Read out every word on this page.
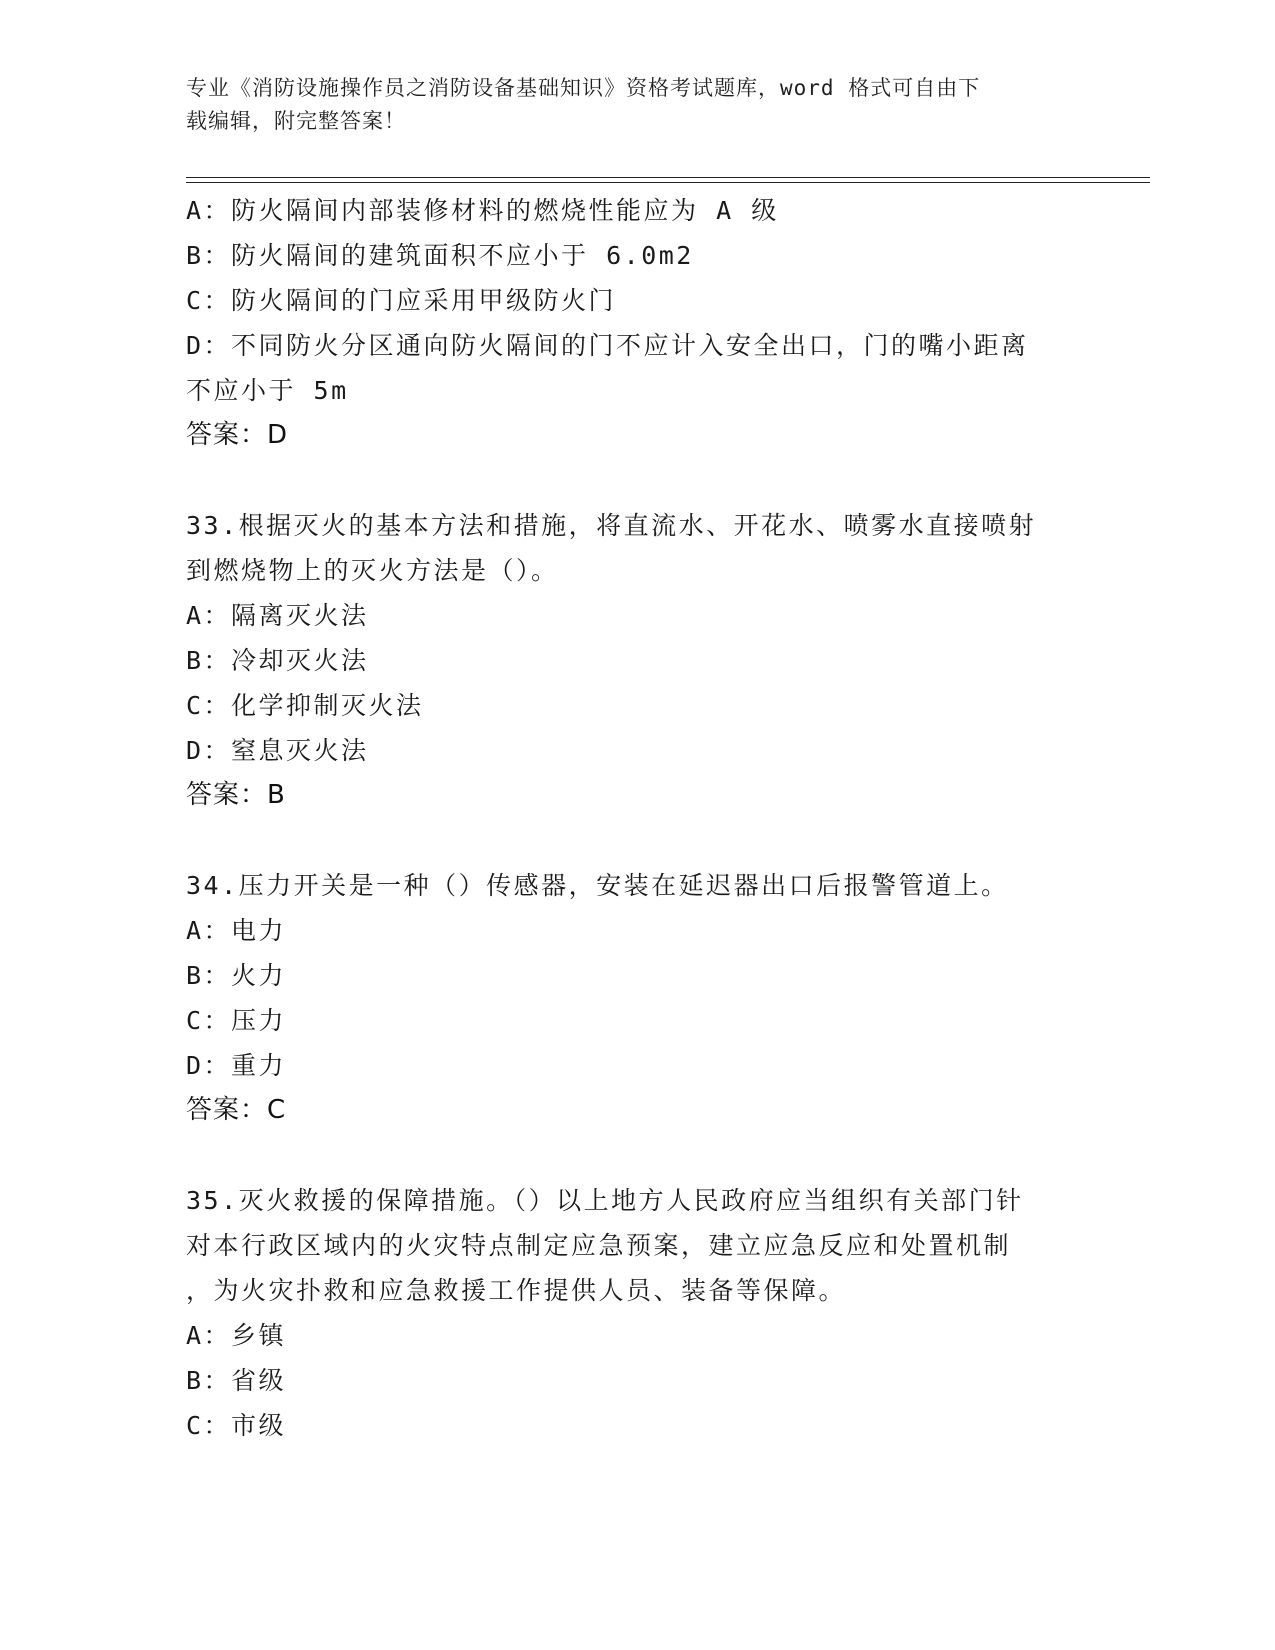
专业《消防设施操作员之消防设备基础知识》资格考试题库，word 格式可自由下
载编辑，附完整答案！
A：防火隔间内部装修材料的燃烧性能应为 A 级
B：防火隔间的建筑面积不应小于 6.0m2
C：防火隔间的门应采用甲级防火门
D：不同防火分区通向防火隔间的门不应计入安全出口，门的嘴小距离
不应小于 5m
答案：D
33.根据灭火的基本方法和措施，将直流水、开花水、喷雾水直接喷射
到燃烧物上的灭火方法是（）。
A：隔离灭火法
B：冷却灭火法
C：化学抑制灭火法
D：窒息灭火法
答案：B
34.压力开关是一种（）传感器，安装在延迟器出口后报警管道上。
A：电力
B：火力
C：压力
D：重力
答案：C
35.灭火救援的保障措施。（）以上地方人民政府应当组织有关部门针
对本行政区域内的火灾特点制定应急预案，建立应急反应和处置机制
，为火灾扑救和应急救援工作提供人员、装备等保障。
A：乡镇
B：省级
C：市级
